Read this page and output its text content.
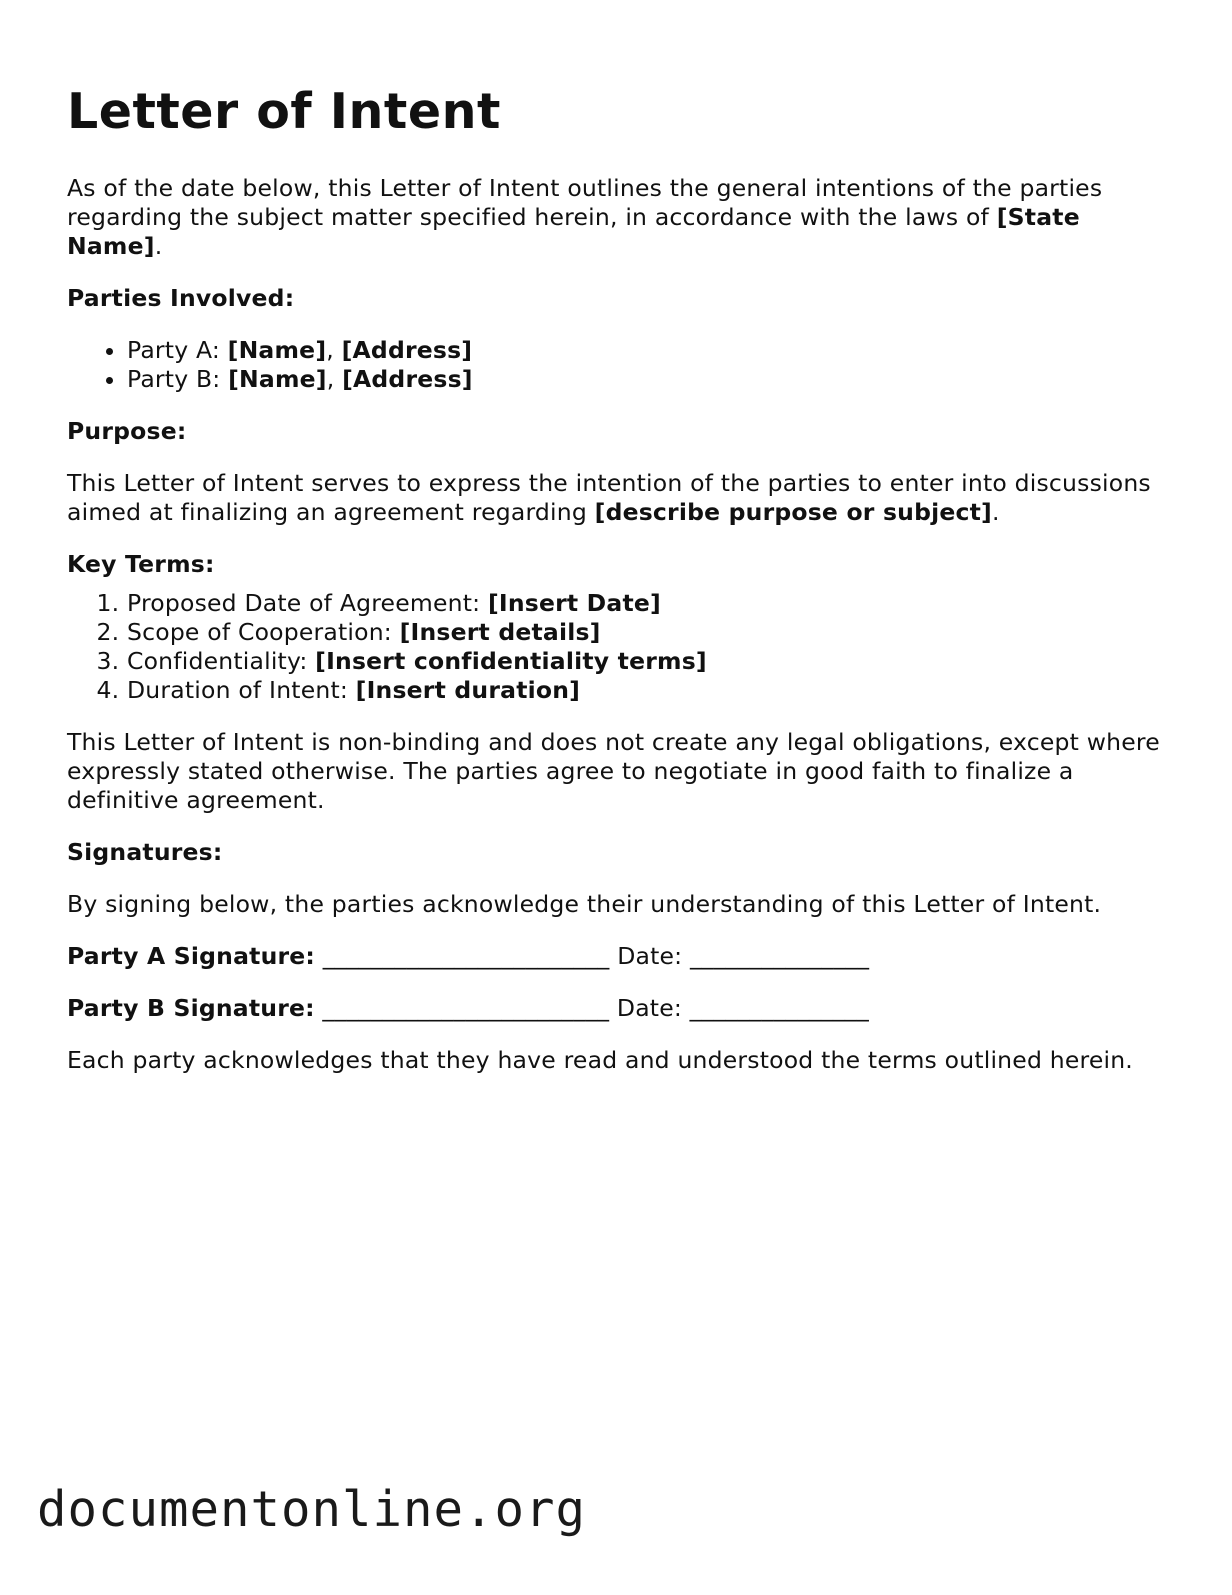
Letter of Intent

As of the date below, this Letter of Intent outlines the general intentions of the parties regarding the subject matter specified herein, in accordance with the laws of [State Name].

Parties Involved:

• Party A: [Name], [Address]
• Party B: [Name], [Address]

Purpose:

This Letter of Intent serves to express the intention of the parties to enter into discussions aimed at finalizing an agreement regarding [describe purpose or subject].

Key Terms:

1. Proposed Date of Agreement: [Insert Date]
2. Scope of Cooperation: [Insert details]
3. Confidentiality: [Insert confidentiality terms]
4. Duration of Intent: [Insert duration]

This Letter of Intent is non-binding and does not create any legal obligations, except where expressly stated otherwise. The parties agree to negotiate in good faith to finalize a definitive agreement.

Signatures:

By signing below, the parties acknowledge their understanding of this Letter of Intent.

Party A Signature: ________________________ Date: _______________

Party B Signature: ________________________ Date: _______________

Each party acknowledges that they have read and understood the terms outlined herein.

documentonline.org
